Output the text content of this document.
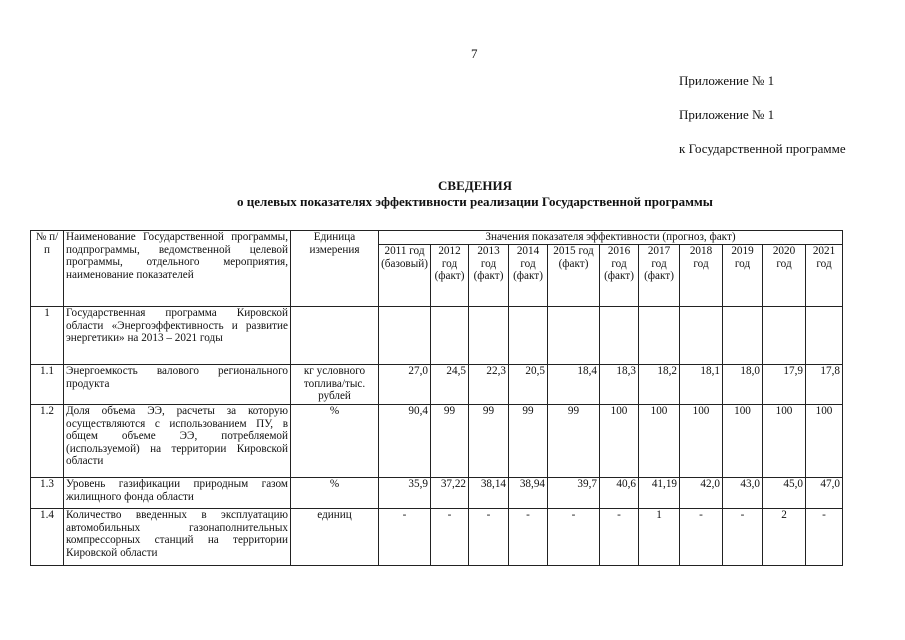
7
Приложение № 1
Приложение № 1
к Государственной программе
СВЕДЕНИЯ
о целевых показателях эффективности реализации Государственной программы
№ п/п	Наименование Государственной программы, подпрограммы, ведомственной целевой программы, отдельного мероприятия, наименование показателей	Единица измерения	Значения показателя эффективности (прогноз, факт)										
			2011 год (базовый)	2012 год (факт)	2013 год (факт)	2014 год (факт)	2015 год (факт)	2016 год (факт)	2017 год (факт)	2018 год	2019 год	2020 год	2021 год
1	Государственная программа Кировской области «Энергоэффективность и развитие энергетики» на 2013 – 2021 годы												
1.1	Энергоемкость валового регионального продукта	кг условного топлива/тыс. рублей	27,0	24,5	22,3	20,5	18,4	18,3	18,2	18,1	18,0	17,9	17,8
1.2	Доля объема ЭЭ, расчеты за которую осуществляются с использованием ПУ, в общем объеме ЭЭ, потребляемой (используемой) на территории Кировской области	%	90,4	99	99	99	99	100	100	100	100	100	100
1.3	Уровень газификации природным газом жилищного фонда области	%	35,9	37,22	38,14	38,94	39,7	40,6	41,19	42,0	43,0	45,0	47,0
1.4	Количество введенных в эксплуатацию автомобильных газонаполнительных компрессорных станций на территории Кировской области	единиц	-	-	-	-	-	-	1	-	-	2	-
